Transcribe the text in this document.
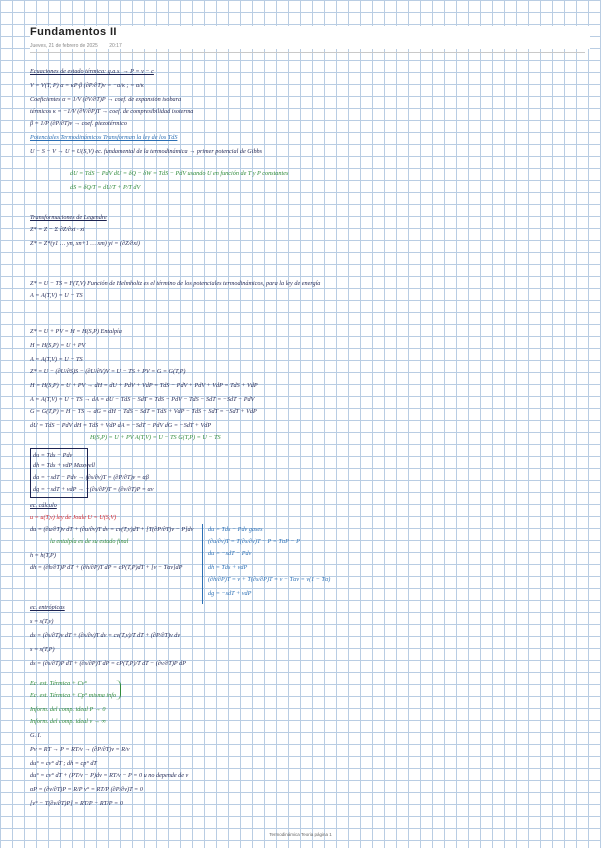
Fundamentos II
Jueves, 21 de febrero de 2025 20:17
Ecuaciones de estado térmica: g.a.s. → P = v − c
V = V(T, P) α = κP·β (∂P/∂T)v = −α/κ ; = α/κ
Coeficientes α = 1/V (∂V/∂T)P → coef. de expansión isobara
térmicos κ = −1/V (∂V/∂P)T → coef. de compresibilidad isoterma
β = 1/P (∂P/∂T)v → coef. piezotérmico
Potenciales Termodinámicos Transforman la ley de los TdS
U − S − V → U = U(S,V) ec. fundamental de la termodinámica → primer potencial de Gibbs
dU = TdS − PdV dU = δQ − δW = TdS − PdV usando U en función de T y P constantes
dS = δQ/T = dU/T + P/T dV
Transformaciones de Legendre
Z* = Z − Σ ∂Z/∂xi · xi
Z* = Z*(y1 … yn, xn+1 … xm) yi = (∂Z/∂xi)
Z* = U − TS = F(T,V) Función de Helmholtz es el término de los potenciales termodinámicos, para la ley de energía
A = A(T,V) = U − TS
Z* = U + PV = H = H(S,P) Entalpía
H = H(S,P) = U + PV
A = A(T,V) = U − TS
Z* = U − (∂U/∂S)S − (∂U/∂V)V = U − TS + PV = G = G(T,P)
H = H(S,P) = U + PV → dH = dU + PdV + VdP = TdS − PdV + PdV + VdP = TdS + VdP
A = A(T,V) = U − TS → dA = dU − TdS − SdT = TdS − PdV − TdS − SdT = −SdT − PdV
G = G(T,P) = H − TS → dG = dH − TdS − SdT = TdS + VdP − TdS − SdT = −SdT + VdP
dU = TdS − PdV dH = TdS + VdP dA = −SdT − PdV dG = −SdT + VdP
H(S,P) = U + PV A(T,V) = U − TS G(T,P) = U − TS
du = Tds − Pdv
dh = Tds + vdP Maxwell
da = −sdT − Pdv → (∂s/∂v)T = (∂P/∂T)v = αβ
dg = −sdT + vdP → −(∂s/∂P)T = (∂v/∂T)P = αv
ec. cálculo
u = u(T,v) ley de Joule U = U(S,V)
du = (∂u/∂T)v dT + (∂u/∂v)T dv = cv(T,v)dT + [T(∂P/∂T)v − P]dv
la entalpía es de su estado final
h = h(T,P)
dh = (∂h/∂T)P dT + (∂h/∂P)T dP = cP(T,P)dT + [v − Tαv]dP
du = Tds − Pdv gases
(∂u/∂v)T = T(∂s/∂v)T − P = TαP − P
du = −sdT − Pdv
dh = Tds + vdP
(∂h/∂P)T = v + T(∂s/∂P)T = v − Tαv = v(1 − Tα)
dg = −sdT + vdP
ec. entrópicas
s = s(T,v)
ds = (∂s/∂T)v dT + (∂s/∂v)T dv = cv(T,v)/T dT + (∂P/∂T)v dv
s = s(T,P)
ds = (∂s/∂T)P dT + (∂s/∂P)T dP = cP(T,P)/T dT − (∂v/∂T)P dP
Ec. est. Térmica + Cv°
Ec. est. Térmica + Cp° misma info
Inform. del comp. ideal P → 0
Inform. del comp. ideal v → ∞
G. I.
Pv = RT → P = RT/v → (∂P/∂T)v = R/v
du° = cv° dT ; dh = cp° dT
du° = cv° dT + (PT/v − P)dv = RT/v − P = 0 u no depende de v
αP = (∂v/∂T)P = R/P v° = RT/P (∂P/∂v)T = 0
[v° − T(∂v/∂T)P] = RT/P − RT/P = 0
Termodinámica Teoria página 1
